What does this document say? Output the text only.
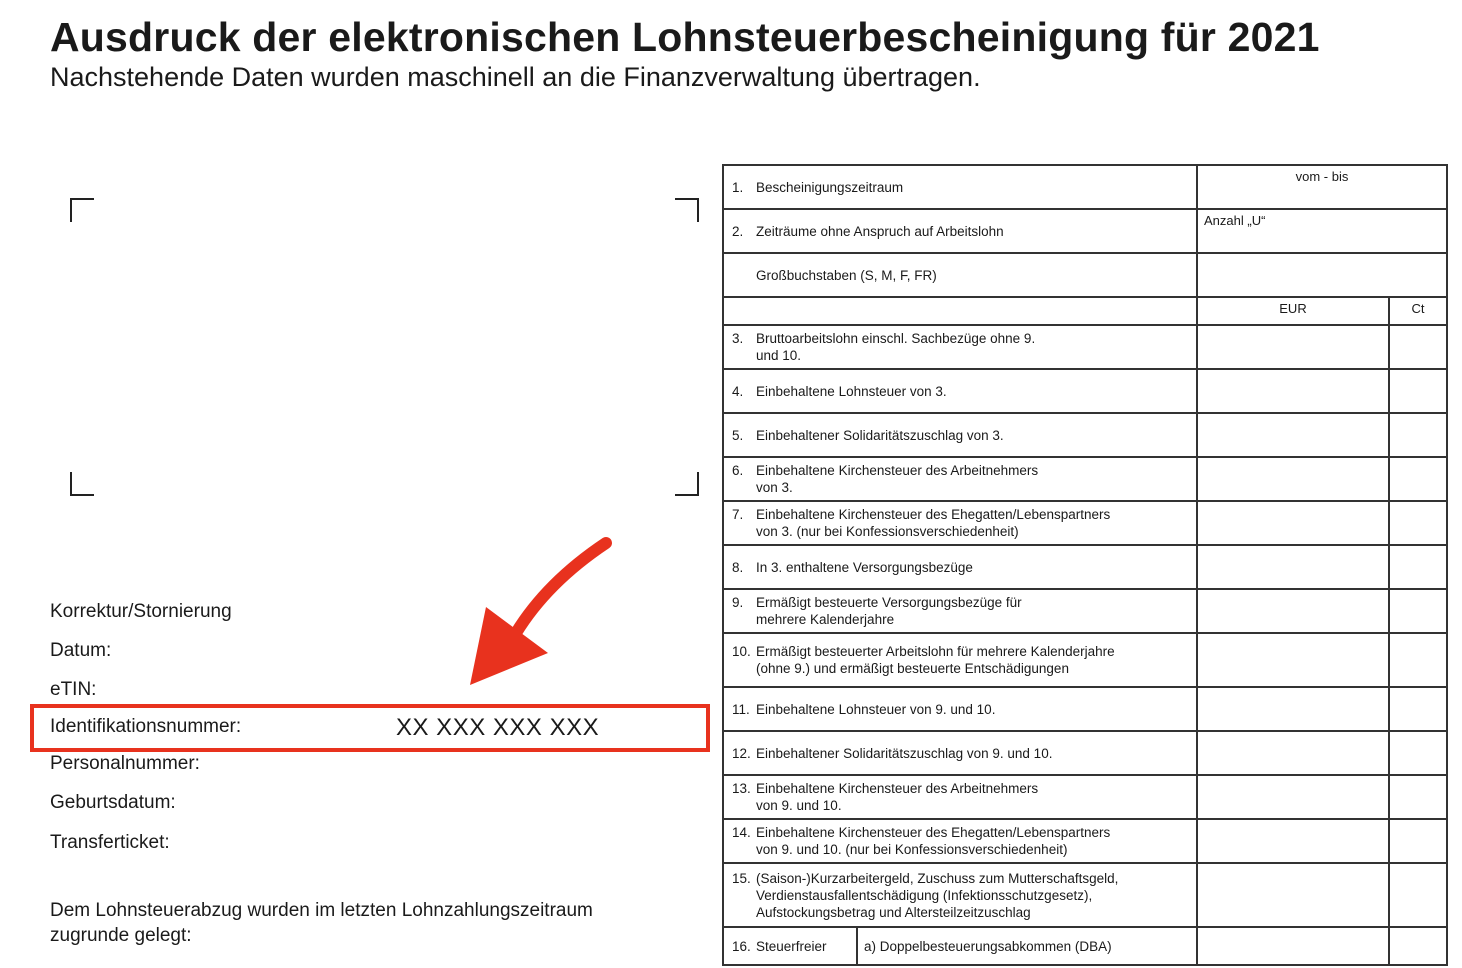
Ausdruck der elektronischen Lohnsteuerbescheinigung für 2021
Nachstehende Daten wurden maschinell an die Finanzverwaltung übertragen.
Korrektur/Stornierung
Datum:
eTIN:
Identifikationsnummer:	XX XXX XXX XXX
Personalnummer:
Geburtsdatum:
Transferticket:
Dem Lohnsteuerabzug wurden im letzten Lohnzahlungszeitraum zugrunde gelegt:
1. Bescheinigungszeitraum		vom - bis	
2. Zeiträume ohne Anspruch auf Arbeitslohn		Anzahl „U“	
Großbuchstaben (S, M, F, FR)			
		EUR	Ct
3. Bruttoarbeitslohn einschl. Sachbezüge ohne 9.
und 10.			

4. Einbehaltene Lohnsteuer von 3.			
5. Einbehaltener Solidaritätszuschlag von 3.			
6. Einbehaltene Kirchensteuer des Arbeitnehmers
von 3.			

7. Einbehaltene Kirchensteuer des Ehegatten/Lebenspartners
von 3. (nur bei Konfessionsverschiedenheit)			

8. In 3. enthaltene Versorgungsbezüge			
9. Ermäßigt besteuerte Versorgungsbezüge für
mehrere Kalenderjahre			

10. Ermäßigt besteuerter Arbeitslohn für mehrere Kalenderjahre
(ohne 9.) und ermäßigt besteuerte Entschädigungen			

11. Einbehaltene Lohnsteuer von 9. und 10.			
12. Einbehaltener Solidaritätszuschlag von 9. und 10.			
13. Einbehaltene Kirchensteuer des Arbeitnehmers
von 9. und 10.			

14. Einbehaltene Kirchensteuer des Ehegatten/Lebenspartners
von 9. und 10. (nur bei Konfessionsverschiedenheit)			

15. (Saison-)Kurzarbeitergeld, Zuschuss zum Mutterschaftsgeld,
Verdienstausfallentschädigung (Infektionsschutzgesetz),
Aufstockungsbetrag und Altersteilzeitzuschlag			

16. Steuerfreier	a) Doppelbesteuerungsabkommen (DBA)		
